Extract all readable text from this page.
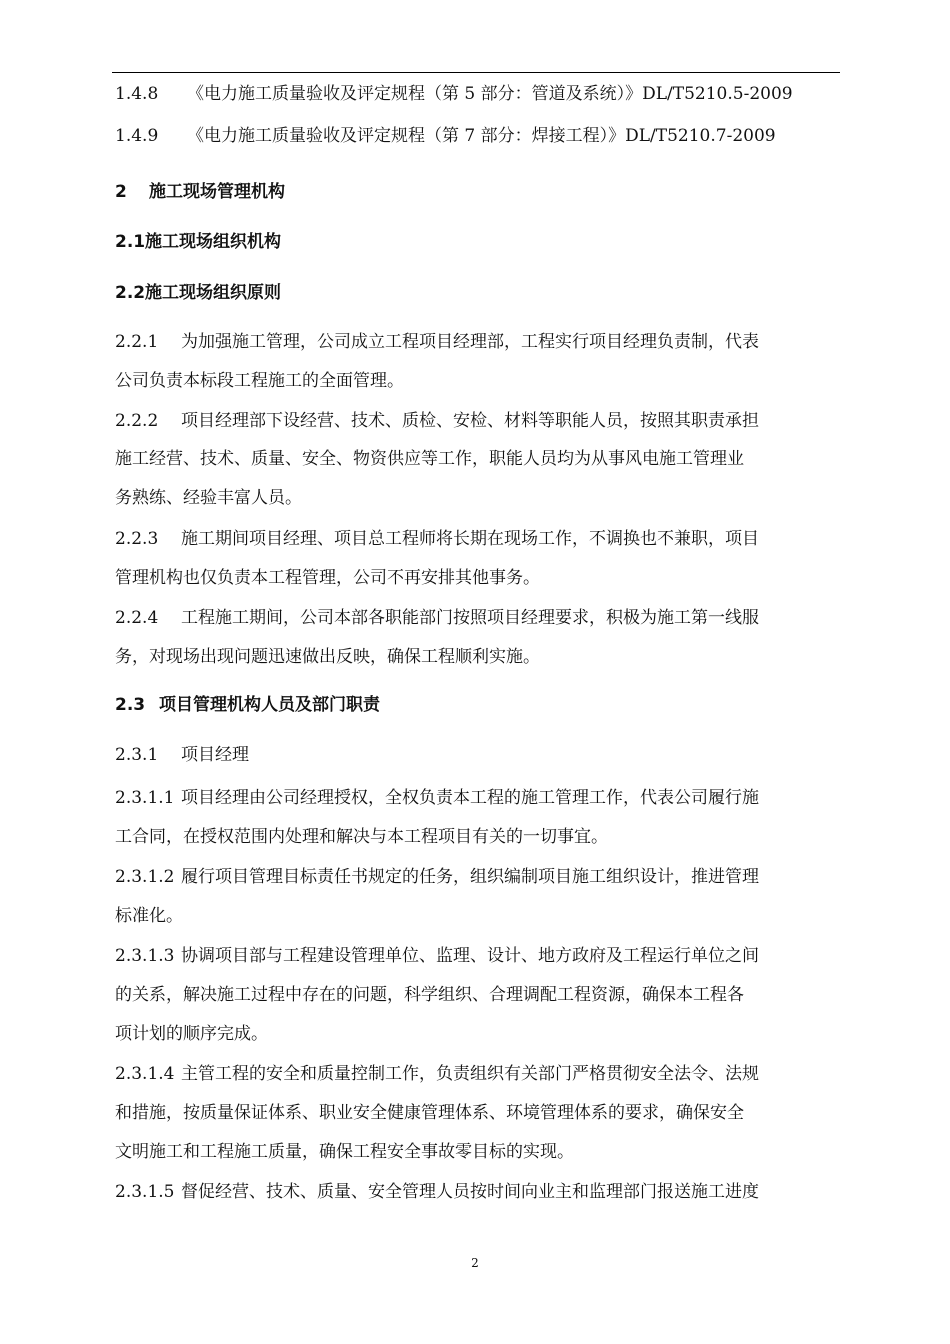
1.4.8 《电力施工质量验收及评定规程（第 5 部分：管道及系统）》DL/T5210.5-2009
1.4.9 《电力施工质量验收及评定规程（第 7 部分：焊接工程）》DL/T5210.7-2009
2 施工现场管理机构
2.1施工现场组织机构
2.2施工现场组织原则
2.2.1 为加强施工管理，公司成立工程项目经理部，工程实行项目经理负责制，代表
公司负责本标段工程施工的全面管理。
2.2.2 项目经理部下设经营、技术、质检、安检、材料等职能人员，按照其职责承担
施工经营、技术、质量、安全、物资供应等工作，职能人员均为从事风电施工管理业
务熟练、经验丰富人员。
2.2.3 施工期间项目经理、项目总工程师将长期在现场工作，不调换也不兼职，项目
管理机构也仅负责本工程管理，公司不再安排其他事务。
2.2.4 工程施工期间，公司本部各职能部门按照项目经理要求，积极为施工第一线服
务，对现场出现问题迅速做出反映，确保工程顺利实施。
2.3 项目管理机构人员及部门职责
2.3.1 项目经理
2.3.1.1 项目经理由公司经理授权，全权负责本工程的施工管理工作，代表公司履行施
工合同，在授权范围内处理和解决与本工程项目有关的一切事宜。
2.3.1.2 履行项目管理目标责任书规定的任务，组织编制项目施工组织设计，推进管理
标准化。
2.3.1.3 协调项目部与工程建设管理单位、监理、设计、地方政府及工程运行单位之间
的关系，解决施工过程中存在的问题，科学组织、合理调配工程资源，确保本工程各
项计划的顺序完成。
2.3.1.4 主管工程的安全和质量控制工作，负责组织有关部门严格贯彻安全法令、法规
和措施，按质量保证体系、职业安全健康管理体系、环境管理体系的要求，确保安全
文明施工和工程施工质量，确保工程安全事故零目标的实现。
2.3.1.5 督促经营、技术、质量、安全管理人员按时间向业主和监理部门报送施工进度
2
